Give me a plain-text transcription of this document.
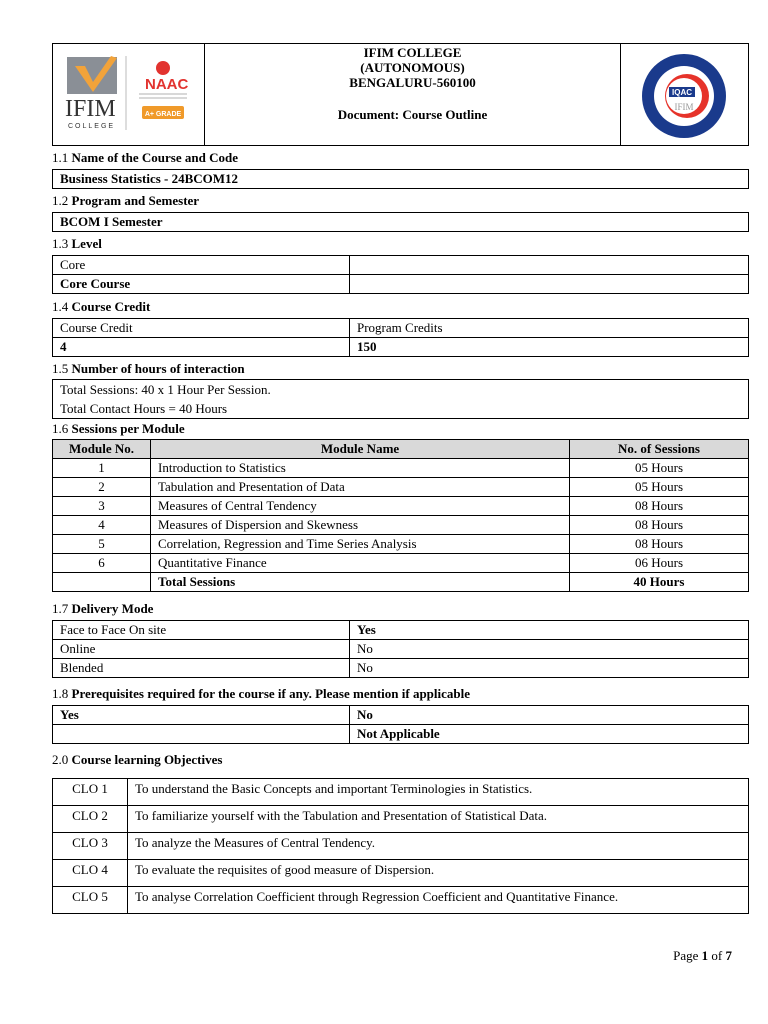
IFIM
COLLEGE
NAAC
A+ GRADE
IFIM COLLEGE
(AUTONOMOUS)
BENGALURU-560100
Document: Course Outline
IQAC
IFIM
1.1 Name of the Course and Code
Business Statistics - 24BCOM12
1.2 Program and Semester
BCOM I Semester
1.3 Level
Core	
Core Course	
1.4 Course Credit
Course Credit	Program Credits
4	150
1.5 Number of hours of interaction
Total Sessions: 40 x 1 Hour Per Session.
Total Contact Hours = 40 Hours
1.6 Sessions per Module
Module No.	Module Name	No. of Sessions
1	Introduction to Statistics	05 Hours
2	Tabulation and Presentation of Data	05 Hours
3	Measures of Central Tendency	08 Hours
4	Measures of Dispersion and Skewness	08 Hours
5	Correlation, Regression and Time Series Analysis	08 Hours
6	Quantitative Finance	06 Hours
	Total Sessions	40 Hours
1.7 Delivery Mode
Face to Face On site	Yes
Online	No
Blended	No
1.8 Prerequisites required for the course if any. Please mention if applicable
Yes	No
	Not Applicable
2.0 Course learning Objectives
CLO 1	To understand the Basic Concepts and important Terminologies in Statistics.
CLO 2	To familiarize yourself with the Tabulation and Presentation of Statistical Data.
CLO 3	To analyze the Measures of Central Tendency.
CLO 4	To evaluate the requisites of good measure of Dispersion.
CLO 5	To analyse Correlation Coefficient through Regression Coefficient and Quantitative Finance.
Page 1 of 7
